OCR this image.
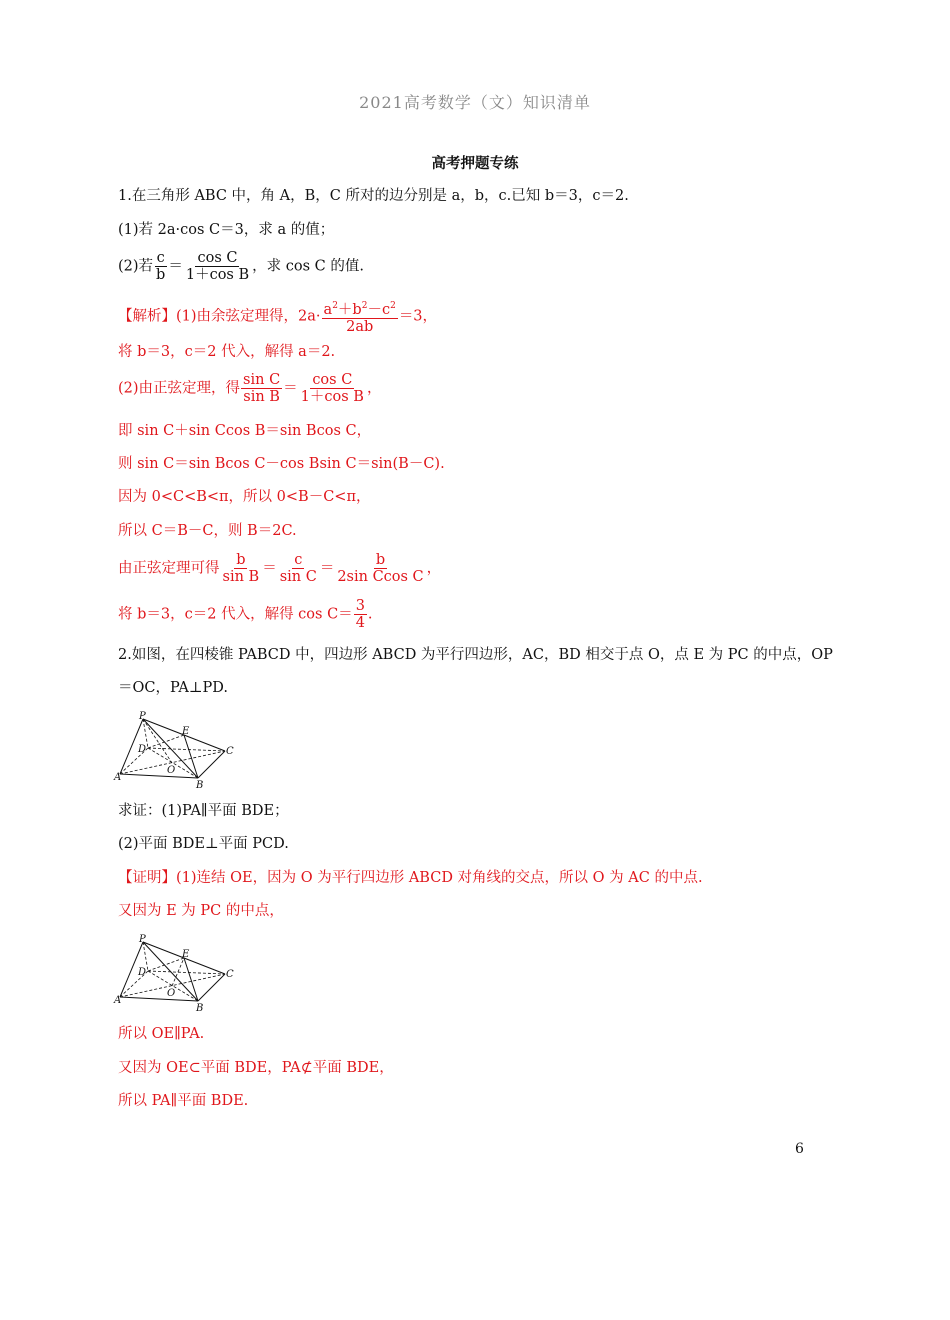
2021高考数学（文）知识清单
高考押题专练
1.在三角形 ABC 中，角 A，B，C 所对的边分别是 a，b，c.已知 b＝3，c＝2.
(1)若 2a·cos C＝3，求 a 的值；
(2)若 $\frac{c}{b} = \frac{\text{cos C}}{\text{1＋cos B}}$ ，求 cos C 的值.
【解析】(1)由余弦定理得，$2a\cdot \frac{a^2+b^2-c^2}{2ab} =3$，
将 b＝3，c＝2 代入，解得 a＝2.
(2)由正弦定理，得 $\frac{\text{sin C}}{\text{sin B}} = \frac{\text{cos C}}{\text{1＋cos B}}$ ，
即 sin C＋sin Ccos B＝sin Bcos C，
则 sin C＝sin Bcos C－cos Bsin C＝sin(B－C).
因为 0<C<B<π，所以 0<B－C<π，
所以 C＝B－C，则 B＝2C.
由正弦定理可得 $\frac{b}{\text{sin B}} = \frac{c}{\text{sin C}} = \frac{b}{\text{2sin Ccos C}}$ ，
将 b＝3，c＝2 代入，解得 $\cos C= \frac{3}{4}$ .
2.如图，在四棱锥 PABCD 中，四边形 ABCD 为平行四边形，AC，BD 相交于点 O，点 E 为 PC 的中点，OP
＝OC，PA⊥PD.
P
D
E
C
A
O
B
求证：(1)PA∥平面 BDE；
(2)平面 BDE⊥平面 PCD.
【证明】(1)连结 OE，因为 O 为平行四边形 ABCD 对角线的交点，所以 O 为 AC 的中点.
又因为 E 为 PC 的中点，
P
D
E
C
A
O
B
所以 OE∥PA.
又因为 OE⊂平面 BDE，PA⊄平面 BDE，
所以 PA∥平面 BDE.
6
